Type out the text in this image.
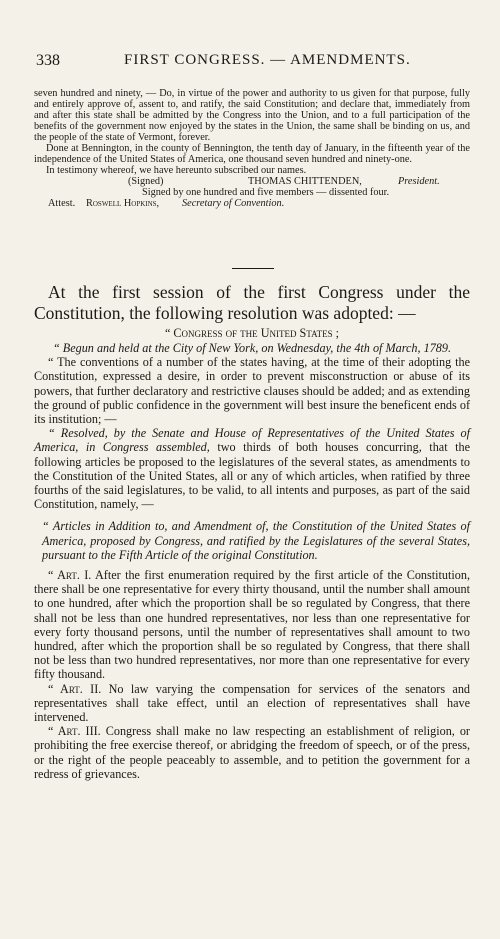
338	FIRST CONGRESS. — AMENDMENTS.

seven hundred and ninety, — Do, in virtue of the power and authority to us given for that purpose, fully and entirely approve of, assent to, and ratify, the said Constitution; and declare that, immediately from and after this state shall be admitted by the Congress into the Union, and to a full participation of the benefits of the government now enjoyed by the states in the Union, the same shall be binding on us, and the people of the state of Vermont, forever.

Done at Bennington, in the county of Bennington, the tenth day of January, in the fifteenth year of the independence of the United States of America, one thousand seven hundred and ninety-one.

In testimony whereof, we have hereunto subscribed our names.

(Signed)	THOMAS CHITTENDEN,	President.
Signed by one hundred and five members — dissented four.
Attest. Roswell Hopkins, Secretary of Convention.

At the first session of the first Congress under the Constitution, the following resolution was adopted: —

“ Congress of the United States ;

“ Begun and held at the City of New York, on Wednesday, the 4th of March, 1789.

“ The conventions of a number of the states having, at the time of their adopting the Constitution, expressed a desire, in order to prevent misconstruction or abuse of its powers, that further declaratory and restrictive clauses should be added; and as extending the ground of public confidence in the government will best insure the beneficent ends of its institution; —

“ Resolved, by the Senate and House of Representatives of the United States of America, in Congress assembled, two thirds of both houses concurring, that the following articles be proposed to the legislatures of the several states, as amendments to the Constitution of the United States, all or any of which articles, when ratified by three fourths of the said legislatures, to be valid, to all intents and purposes, as part of the said Constitution, namely, —

“ Articles in Addition to, and Amendment of, the Constitution of the United States of America, proposed by Congress, and ratified by the Legislatures of the several States, pursuant to the Fifth Article of the original Constitution.

“ Art. I. After the first enumeration required by the first article of the Constitution, there shall be one representative for every thirty thousand, until the number shall amount to one hundred, after which the proportion shall be so regulated by Congress, that there shall not be less than one hundred representatives, nor less than one representative for every forty thousand persons, until the number of representatives shall amount to two hundred, after which the proportion shall be so regulated by Congress, that there shall not be less than two hundred representatives, nor more than one representative for every fifty thousand.

“ Art. II. No law varying the compensation for services of the senators and representatives shall take effect, until an election of representatives shall have intervened.

“ Art. III. Congress shall make no law respecting an establishment of religion, or prohibiting the free exercise thereof, or abridging the freedom of speech, or of the press, or the right of the people peaceably to assemble, and to petition the government for a redress of grievances.
